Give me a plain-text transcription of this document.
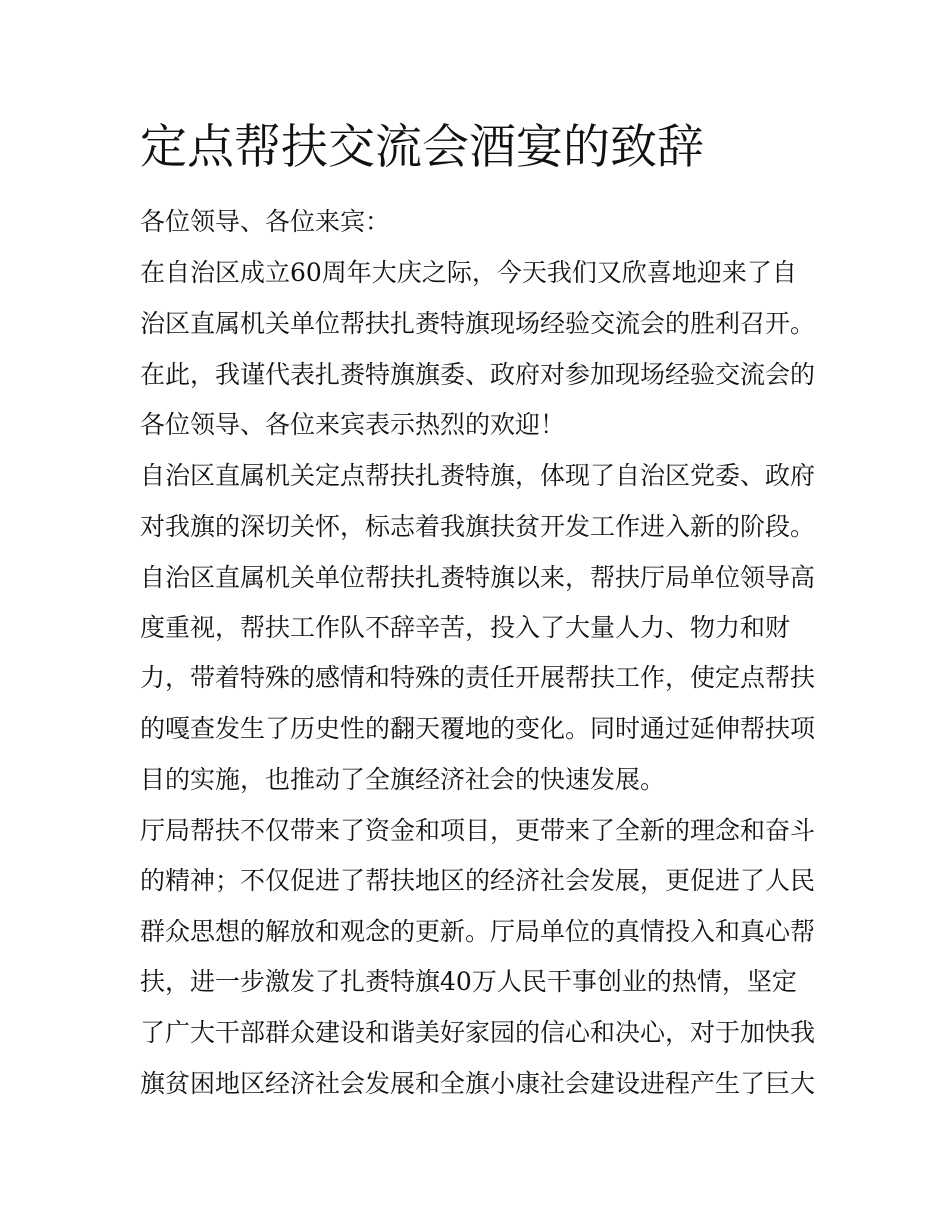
定点帮扶交流会酒宴的致辞
各位领导、各位来宾：
在自治区成立60周年大庆之际，今天我们又欣喜地迎来了自
治区直属机关单位帮扶扎赉特旗现场经验交流会的胜利召开。
在此，我谨代表扎赉特旗旗委、政府对参加现场经验交流会的
各位领导、各位来宾表示热烈的欢迎！
自治区直属机关定点帮扶扎赉特旗，体现了自治区党委、政府
对我旗的深切关怀，标志着我旗扶贫开发工作进入新的阶段。
自治区直属机关单位帮扶扎赉特旗以来，帮扶厅局单位领导高
度重视，帮扶工作队不辞辛苦，投入了大量人力、物力和财
力，带着特殊的感情和特殊的责任开展帮扶工作，使定点帮扶
的嘎查发生了历史性的翻天覆地的变化。同时通过延伸帮扶项
目的实施，也推动了全旗经济社会的快速发展。
厅局帮扶不仅带来了资金和项目，更带来了全新的理念和奋斗
的精神；不仅促进了帮扶地区的经济社会发展，更促进了人民
群众思想的解放和观念的更新。厅局单位的真情投入和真心帮
扶，进一步激发了扎赉特旗40万人民干事创业的热情，坚定
了广大干部群众建设和谐美好家园的信心和决心，对于加快我
旗贫困地区经济社会发展和全旗小康社会建设进程产生了巨大
